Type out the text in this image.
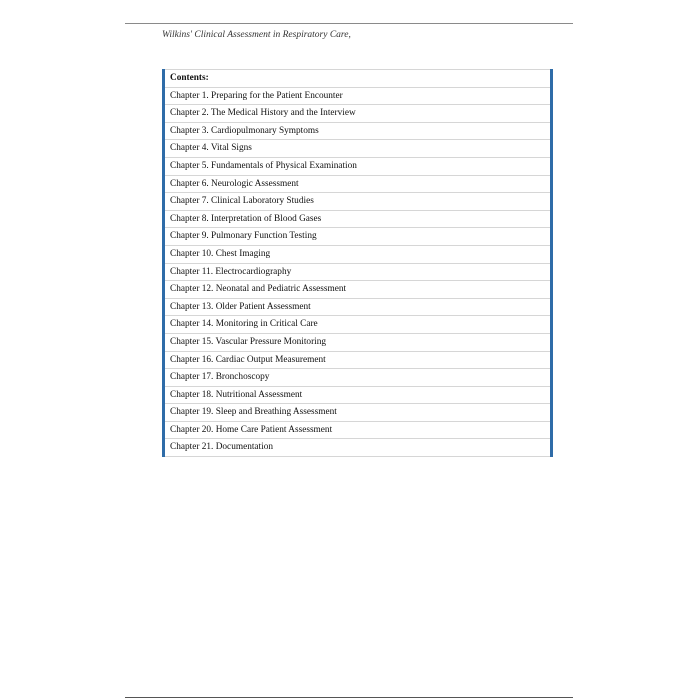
Wilkins' Clinical Assessment in Respiratory Care,
Contents:
Chapter 1. Preparing for the Patient Encounter
Chapter 2. The Medical History and the Interview
Chapter 3. Cardiopulmonary Symptoms
Chapter 4. Vital Signs
Chapter 5. Fundamentals of Physical Examination
Chapter 6. Neurologic Assessment
Chapter 7. Clinical Laboratory Studies
Chapter 8. Interpretation of Blood Gases
Chapter 9. Pulmonary Function Testing
Chapter 10. Chest Imaging
Chapter 11. Electrocardiography
Chapter 12. Neonatal and Pediatric Assessment
Chapter 13. Older Patient Assessment
Chapter 14. Monitoring in Critical Care
Chapter 15. Vascular Pressure Monitoring
Chapter 16. Cardiac Output Measurement
Chapter 17. Bronchoscopy
Chapter 18. Nutritional Assessment
Chapter 19. Sleep and Breathing Assessment
Chapter 20. Home Care Patient Assessment
Chapter 21. Documentation
